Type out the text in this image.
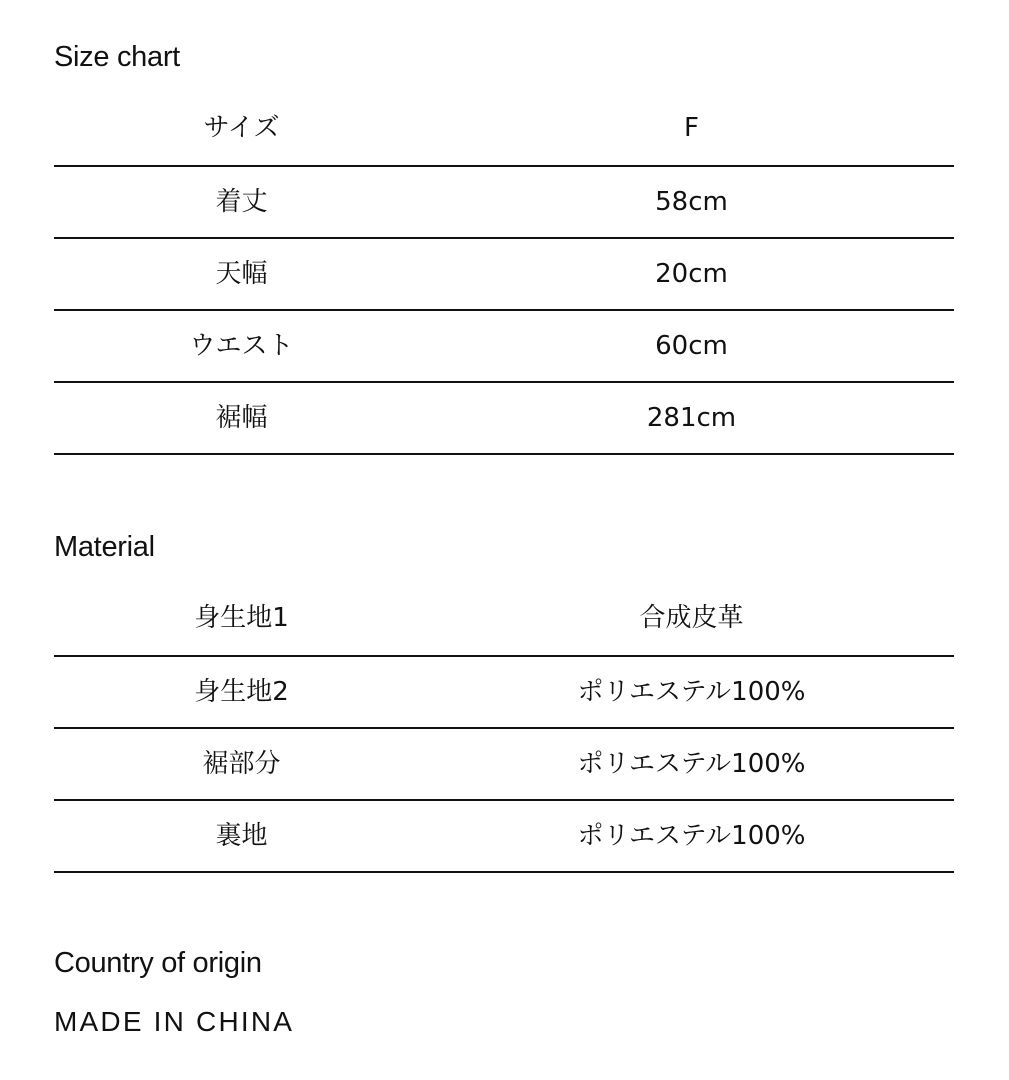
Size chart
サイズ	F
着丈	58cm
天幅	20cm
ウエスト	60cm
裾幅	281cm
Material
身生地1	合成皮革
身生地2	ポリエステル100%
裾部分	ポリエステル100%
裏地	ポリエステル100%
Country of origin

MADE IN CHINA
